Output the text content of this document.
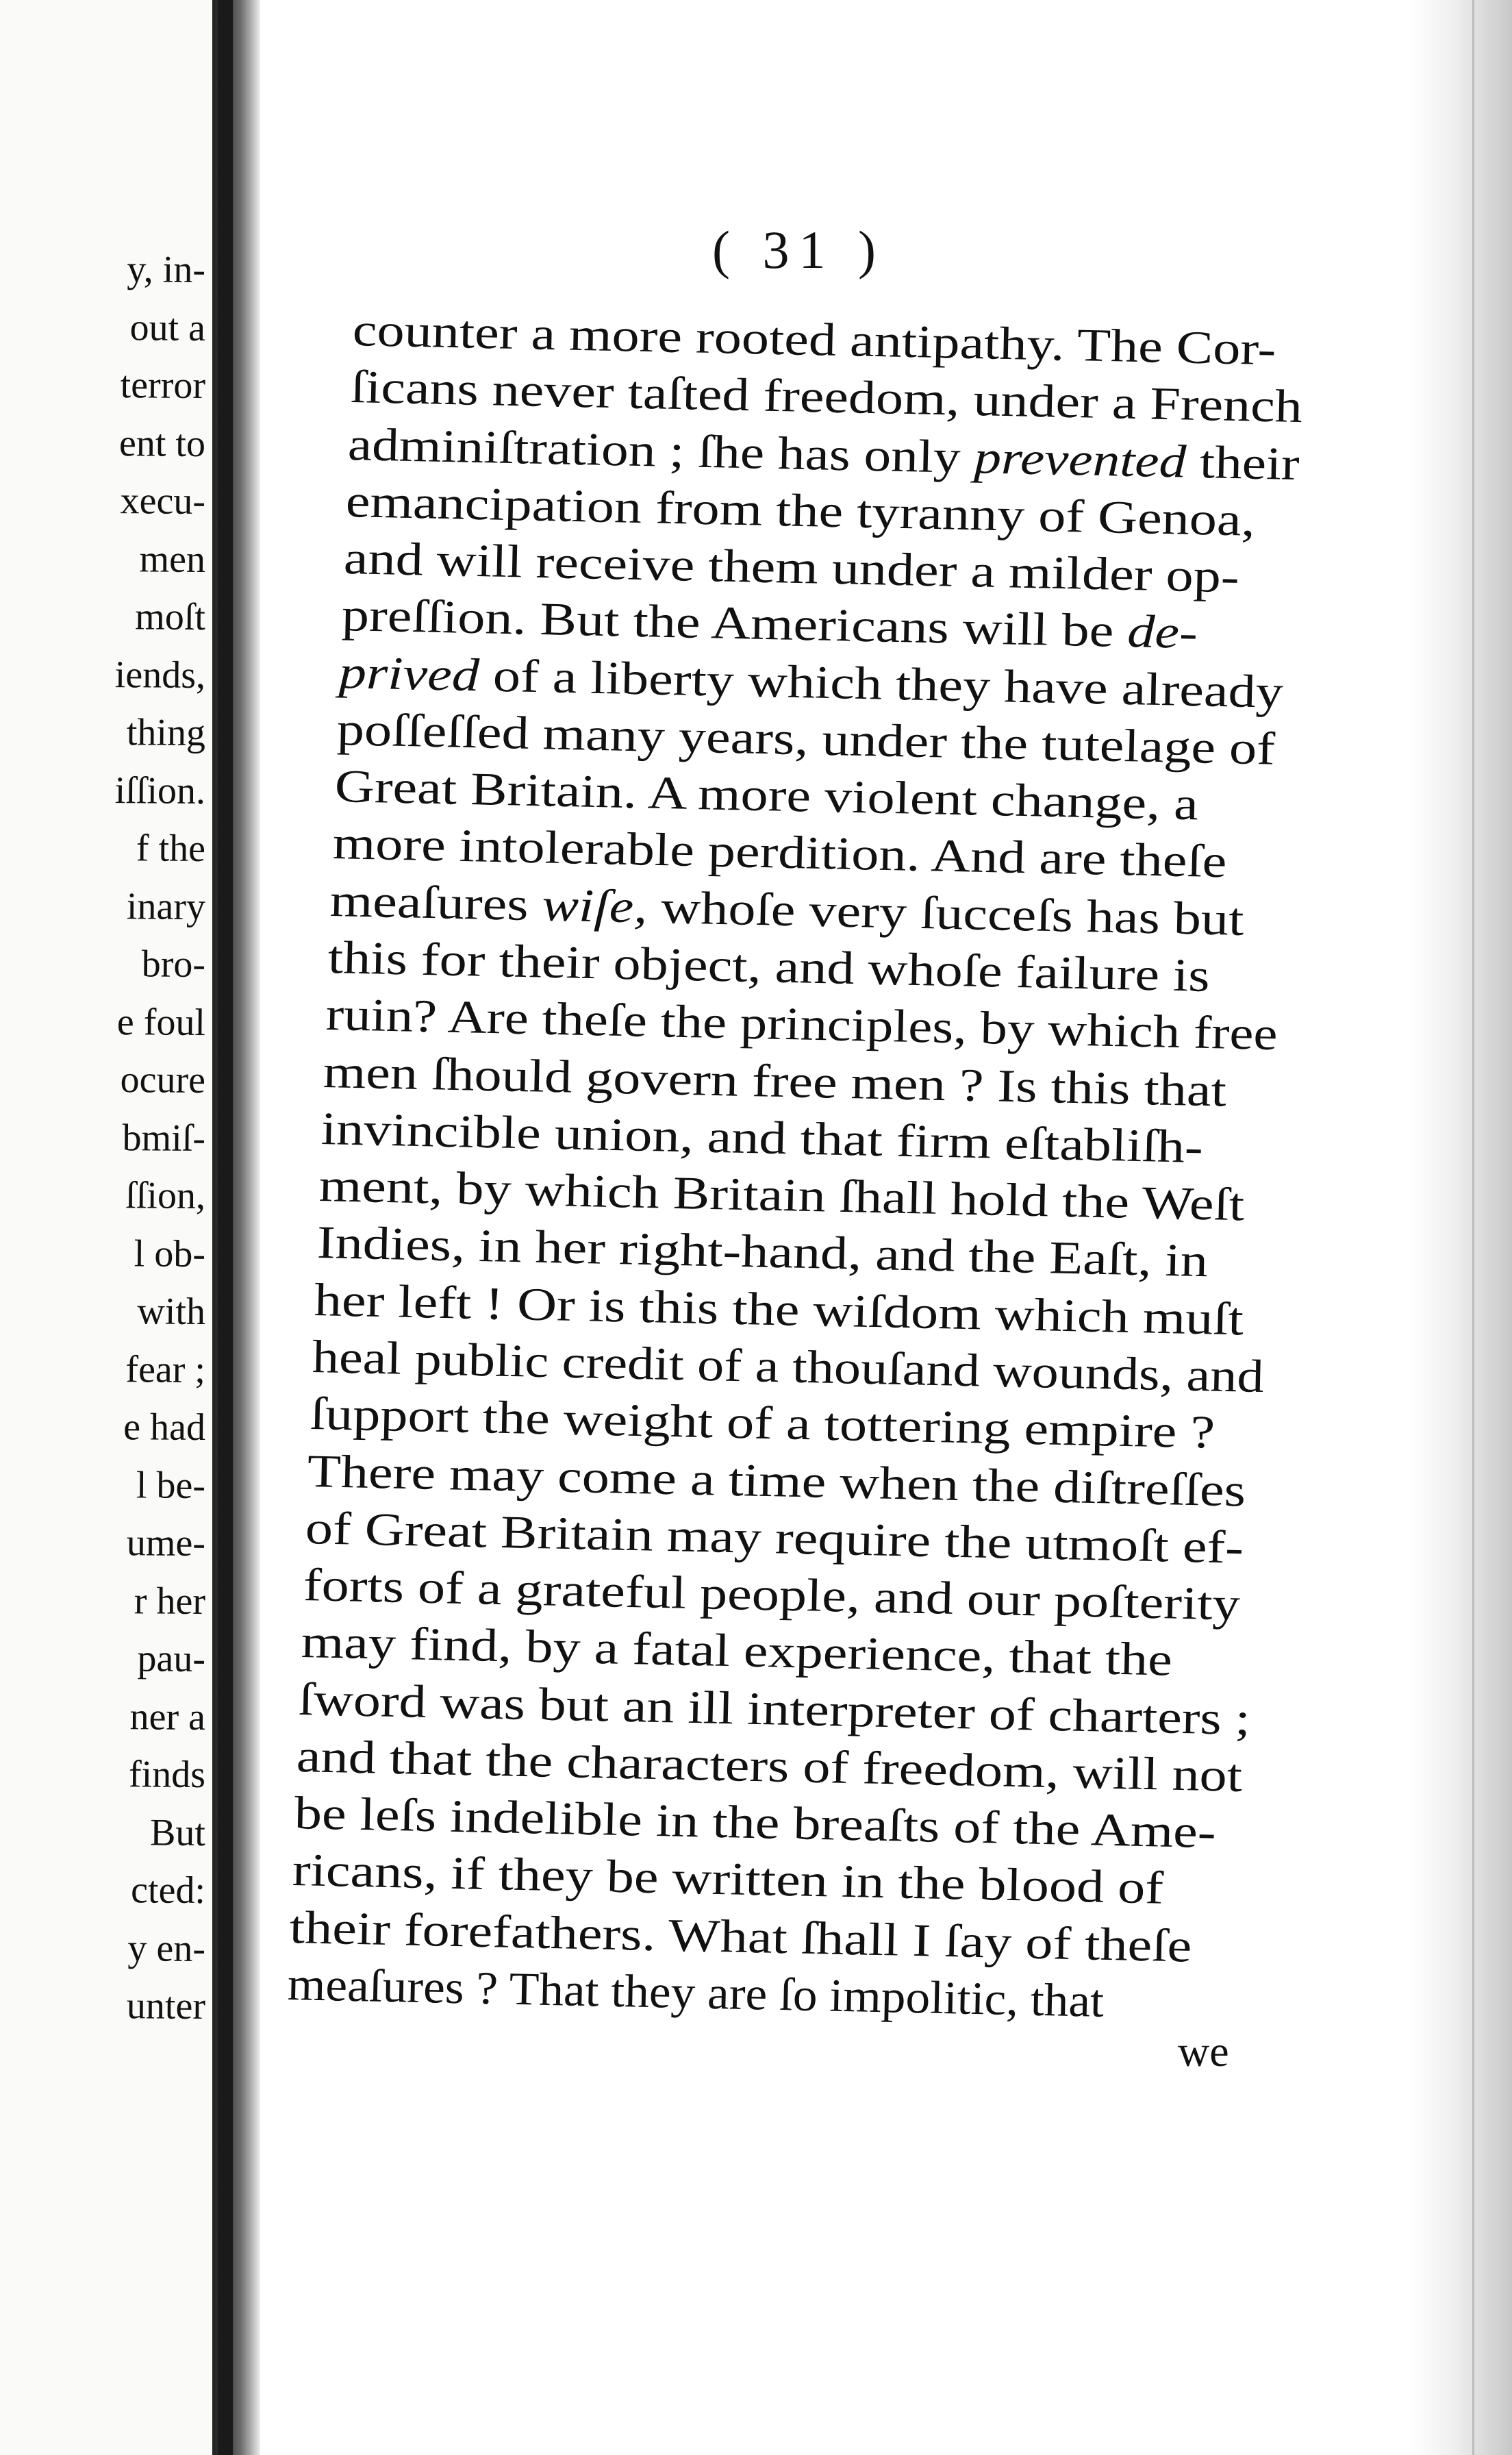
y, in-
out a
terror
ent to
xecu-
men
moſt
iends,
thing
iſſion.
f the
inary
bro-
e foul
ocure
bmiſ-
ſſion,
l ob-
with
fear ;
e had
l be-
ume-
r her
pau-
ner a
finds
But
cted:
y en-
unter
( 31 )
counter a more rooted antipathy. The Cor-
ſicans never taſted freedom, under a French
adminiſtration ; ſhe has only prevented their
emancipation from the tyranny of Genoa,
and will receive them under a milder op-
preſſion. But the Americans will be de-
prived of a liberty which they have already
poſſeſſed many years, under the tutelage of
Great Britain. A more violent change, a
more intolerable perdition. And are theſe
meaſures wiſe, whoſe very ſucceſs has but
this for their object, and whoſe failure is
ruin? Are theſe the principles, by which free
men ſhould govern free men ? Is this that
invincible union, and that firm eſtabliſh-
ment, by which Britain ſhall hold the Weſt
Indies, in her right-hand, and the Eaſt, in
her left ! Or is this the wiſdom which muſt
heal public credit of a thouſand wounds, and
ſupport the weight of a tottering empire ?
There may come a time when the diſtreſſes
of Great Britain may require the utmoſt ef-
forts of a grateful people, and our poſterity
may find, by a fatal experience, that the
ſword was but an ill interpreter of charters ;
and that the characters of freedom, will not
be leſs indelible in the breaſts of the Ame-
ricans, if they be written in the blood of
their forefathers. What ſhall I ſay of theſe
meaſures ? That they are ſo impolitic, that
we
